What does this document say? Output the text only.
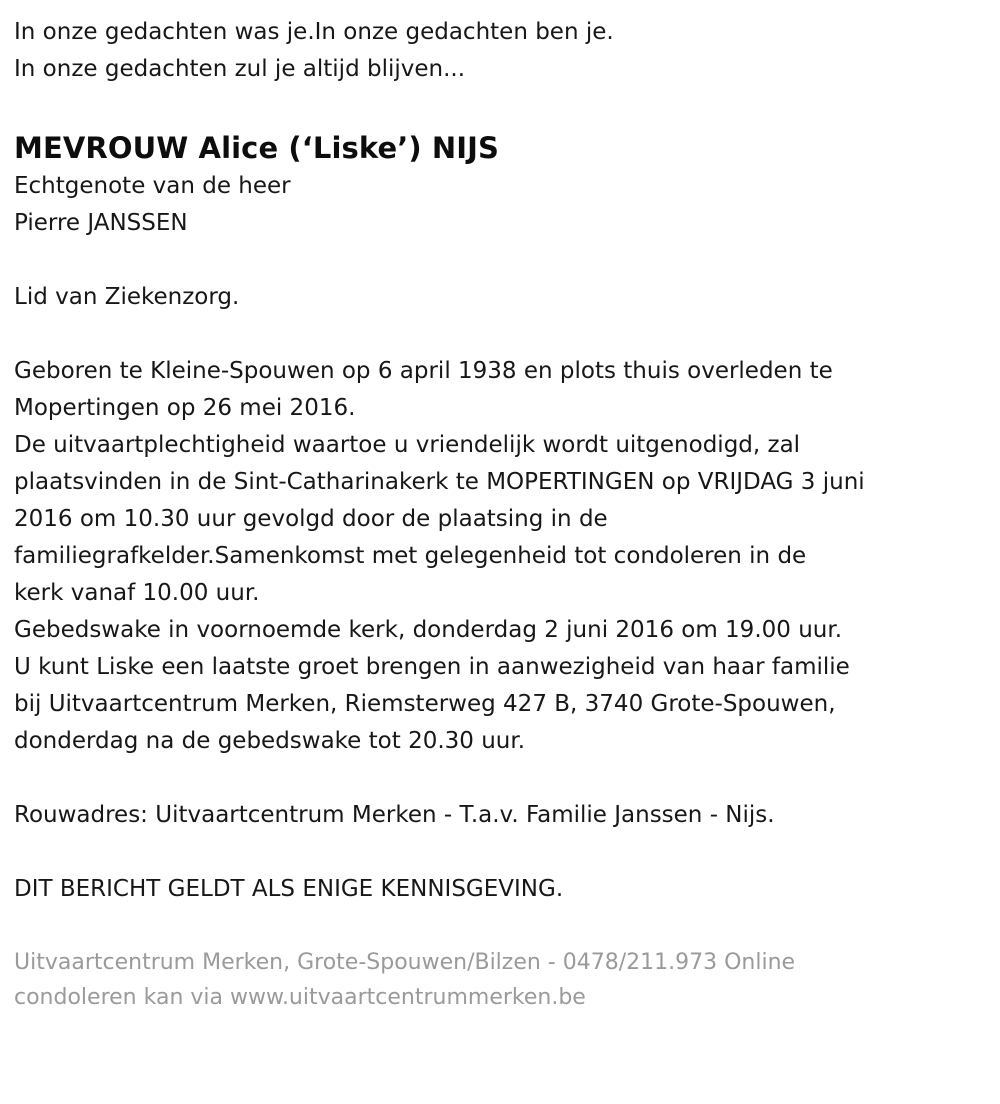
In onze gedachten was je.In onze gedachten ben je.
In onze gedachten zul je altijd blijven...
MEVROUW Alice (‘Liske’) NIJS
Echtgenote van de heer
Pierre JANSSEN
Lid van Ziekenzorg.
Geboren te Kleine-Spouwen op 6 april 1938 en plots thuis overleden te
Mopertingen op 26 mei 2016.
De uitvaartplechtigheid waartoe u vriendelijk wordt uitgenodigd, zal
plaatsvinden in de Sint-Catharinakerk te MOPERTINGEN op VRIJDAG 3 juni
2016 om 10.30 uur gevolgd door de plaatsing in de
familiegrafkelder.Samenkomst met gelegenheid tot condoleren in de
kerk vanaf 10.00 uur.
Gebedswake in voornoemde kerk, donderdag 2 juni 2016 om 19.00 uur.
U kunt Liske een laatste groet brengen in aanwezigheid van haar familie
bij Uitvaartcentrum Merken, Riemsterweg 427 B, 3740 Grote-Spouwen,
donderdag na de gebedswake tot 20.30 uur.
Rouwadres: Uitvaartcentrum Merken - T.a.v. Familie Janssen - Nijs.
DIT BERICHT GELDT ALS ENIGE KENNISGEVING.
Uitvaartcentrum Merken, Grote-Spouwen/Bilzen - 0478/211.973 Online
condoleren kan via www.uitvaartcentrummerken.be
